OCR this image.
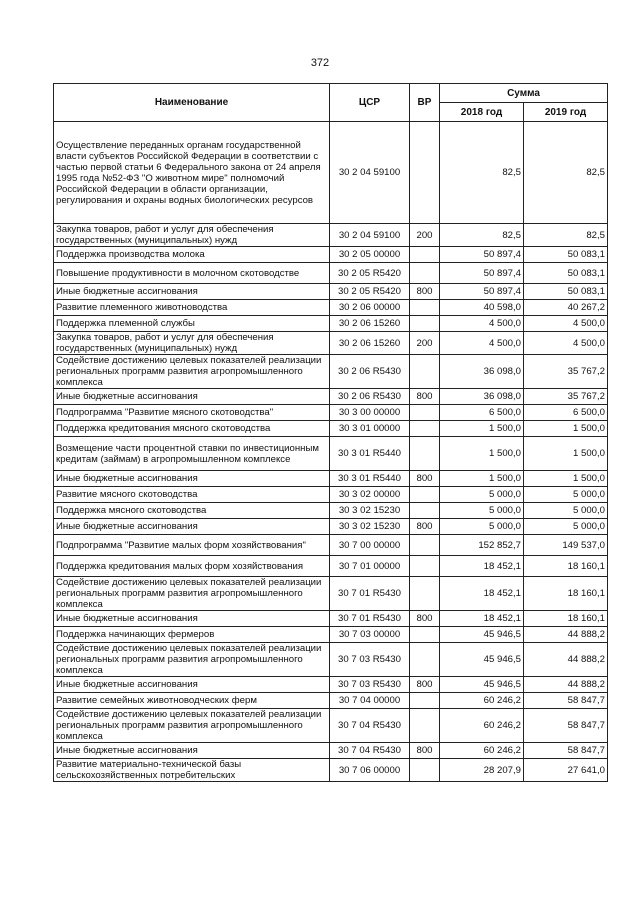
372
Наименование	ЦСР	ВР	Сумма	
			2018 год	2019 год
Осуществление переданных органам государственной власти субъектов Российской Федерации в соответствии с частью первой статьи 6 Федерального закона от 24 апреля 1995 года №52-ФЗ "О животном мире" полномочий Российской Федерации в области организации, регулирования и охраны водных биологических ресурсов	30 2 04 59100		82,5	82,5
Закупка товаров, работ и услуг для обеспечения государственных (муниципальных) нужд	30 2 04 59100	200	82,5	82,5
Поддержка производства молока	30 2 05 00000		50 897,4	50 083,1
Повышение продуктивности в молочном скотоводстве	30 2 05 R5420		50 897,4	50 083,1
Иные бюджетные ассигнования	30 2 05 R5420	800	50 897,4	50 083,1
Развитие племенного животноводства	30 2 06 00000		40 598,0	40 267,2
Поддержка племенной службы	30 2 06 15260		4 500,0	4 500,0
Закупка товаров, работ и услуг для обеспечения государственных (муниципальных) нужд	30 2 06 15260	200	4 500,0	4 500,0
Содействие достижению целевых показателей реализации региональных программ развития агропромышленного комплекса	30 2 06 R5430		36 098,0	35 767,2
Иные бюджетные ассигнования	30 2 06 R5430	800	36 098,0	35 767,2
Подпрограмма "Развитие мясного скотоводства"	30 3 00 00000		6 500,0	6 500,0
Поддержка кредитования мясного скотоводства	30 3 01 00000		1 500,0	1 500,0
Возмещение части процентной ставки по инвестиционным кредитам (займам) в агропромышленном комплексе	30 3 01 R5440		1 500,0	1 500,0
Иные бюджетные ассигнования	30 3 01 R5440	800	1 500,0	1 500,0
Развитие мясного скотоводства	30 3 02 00000		5 000,0	5 000,0
Поддержка мясного скотоводства	30 3 02 15230		5 000,0	5 000,0
Иные бюджетные ассигнования	30 3 02 15230	800	5 000,0	5 000,0
Подпрограмма "Развитие малых форм хозяйствования"	30 7 00 00000		152 852,7	149 537,0
Поддержка кредитования малых форм хозяйствования	30 7 01 00000		18 452,1	18 160,1
Содействие достижению целевых показателей реализации региональных программ развития агропромышленного комплекса	30 7 01 R5430		18 452,1	18 160,1
Иные бюджетные ассигнования	30 7 01 R5430	800	18 452,1	18 160,1
Поддержка начинающих фермеров	30 7 03 00000		45 946,5	44 888,2
Содействие достижению целевых показателей реализации региональных программ развития агропромышленного комплекса	30 7 03 R5430		45 946,5	44 888,2
Иные бюджетные ассигнования	30 7 03 R5430	800	45 946,5	44 888,2
Развитие семейных животноводческих ферм	30 7 04 00000		60 246,2	58 847,7
Содействие достижению целевых показателей реализации региональных программ развития агропромышленного комплекса	30 7 04 R5430		60 246,2	58 847,7
Иные бюджетные ассигнования	30 7 04 R5430	800	60 246,2	58 847,7
Развитие материально-технической базы сельскохозяйственных потребительских	30 7 06 00000		28 207,9	27 641,0
